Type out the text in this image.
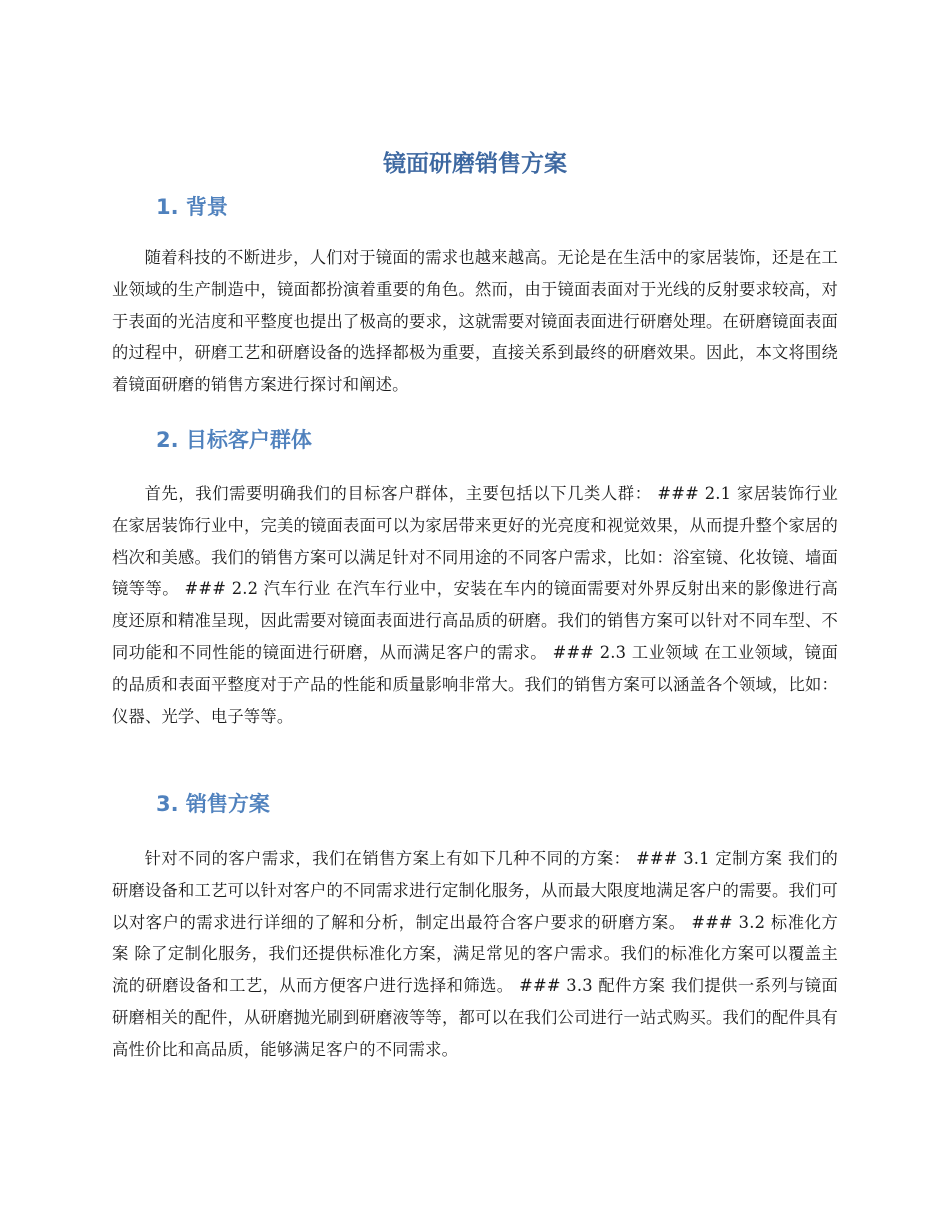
镜面研磨销售方案
1. 背景

随着科技的不断进步，人们对于镜面的需求也越来越高。无论是在生活中的家居装饰，还是在工业领域的生产制造中，镜面都扮演着重要的角色。然而，由于镜面表面对于光线的反射要求较高，对于表面的光洁度和平整度也提出了极高的要求，这就需要对镜面表面进行研磨处理。在研磨镜面表面的过程中，研磨工艺和研磨设备的选择都极为重要，直接关系到最终的研磨效果。因此，本文将围绕着镜面研磨的销售方案进行探讨和阐述。

2. 目标客户群体

首先，我们需要明确我们的目标客户群体，主要包括以下几类人群： ### 2.1 家居装饰行业 在家居装饰行业中，完美的镜面表面可以为家居带来更好的光亮度和视觉效果，从而提升整个家居的档次和美感。我们的销售方案可以满足针对不同用途的不同客户需求，比如：浴室镜、化妆镜、墙面镜等等。 ### 2.2 汽车行业 在汽车行业中，安装在车内的镜面需要对外界反射出来的影像进行高度还原和精准呈现，因此需要对镜面表面进行高品质的研磨。我们的销售方案可以针对不同车型、不同功能和不同性能的镜面进行研磨，从而满足客户的需求。 ### 2.3 工业领域 在工业领域，镜面的品质和表面平整度对于产品的性能和质量影响非常大。我们的销售方案可以涵盖各个领域，比如：仪器、光学、电子等等。

3. 销售方案

针对不同的客户需求，我们在销售方案上有如下几种不同的方案： ### 3.1 定制方案 我们的研磨设备和工艺可以针对客户的不同需求进行定制化服务，从而最大限度地满足客户的需要。我们可以对客户的需求进行详细的了解和分析，制定出最符合客户要求的研磨方案。 ### 3.2 标准化方案 除了定制化服务，我们还提供标准化方案，满足常见的客户需求。我们的标准化方案可以覆盖主流的研磨设备和工艺，从而方便客户进行选择和筛选。 ### 3.3 配件方案 我们提供一系列与镜面研磨相关的配件，从研磨抛光刷到研磨液等等，都可以在我们公司进行一站式购买。我们的配件具有高性价比和高品质，能够满足客户的不同需求。
